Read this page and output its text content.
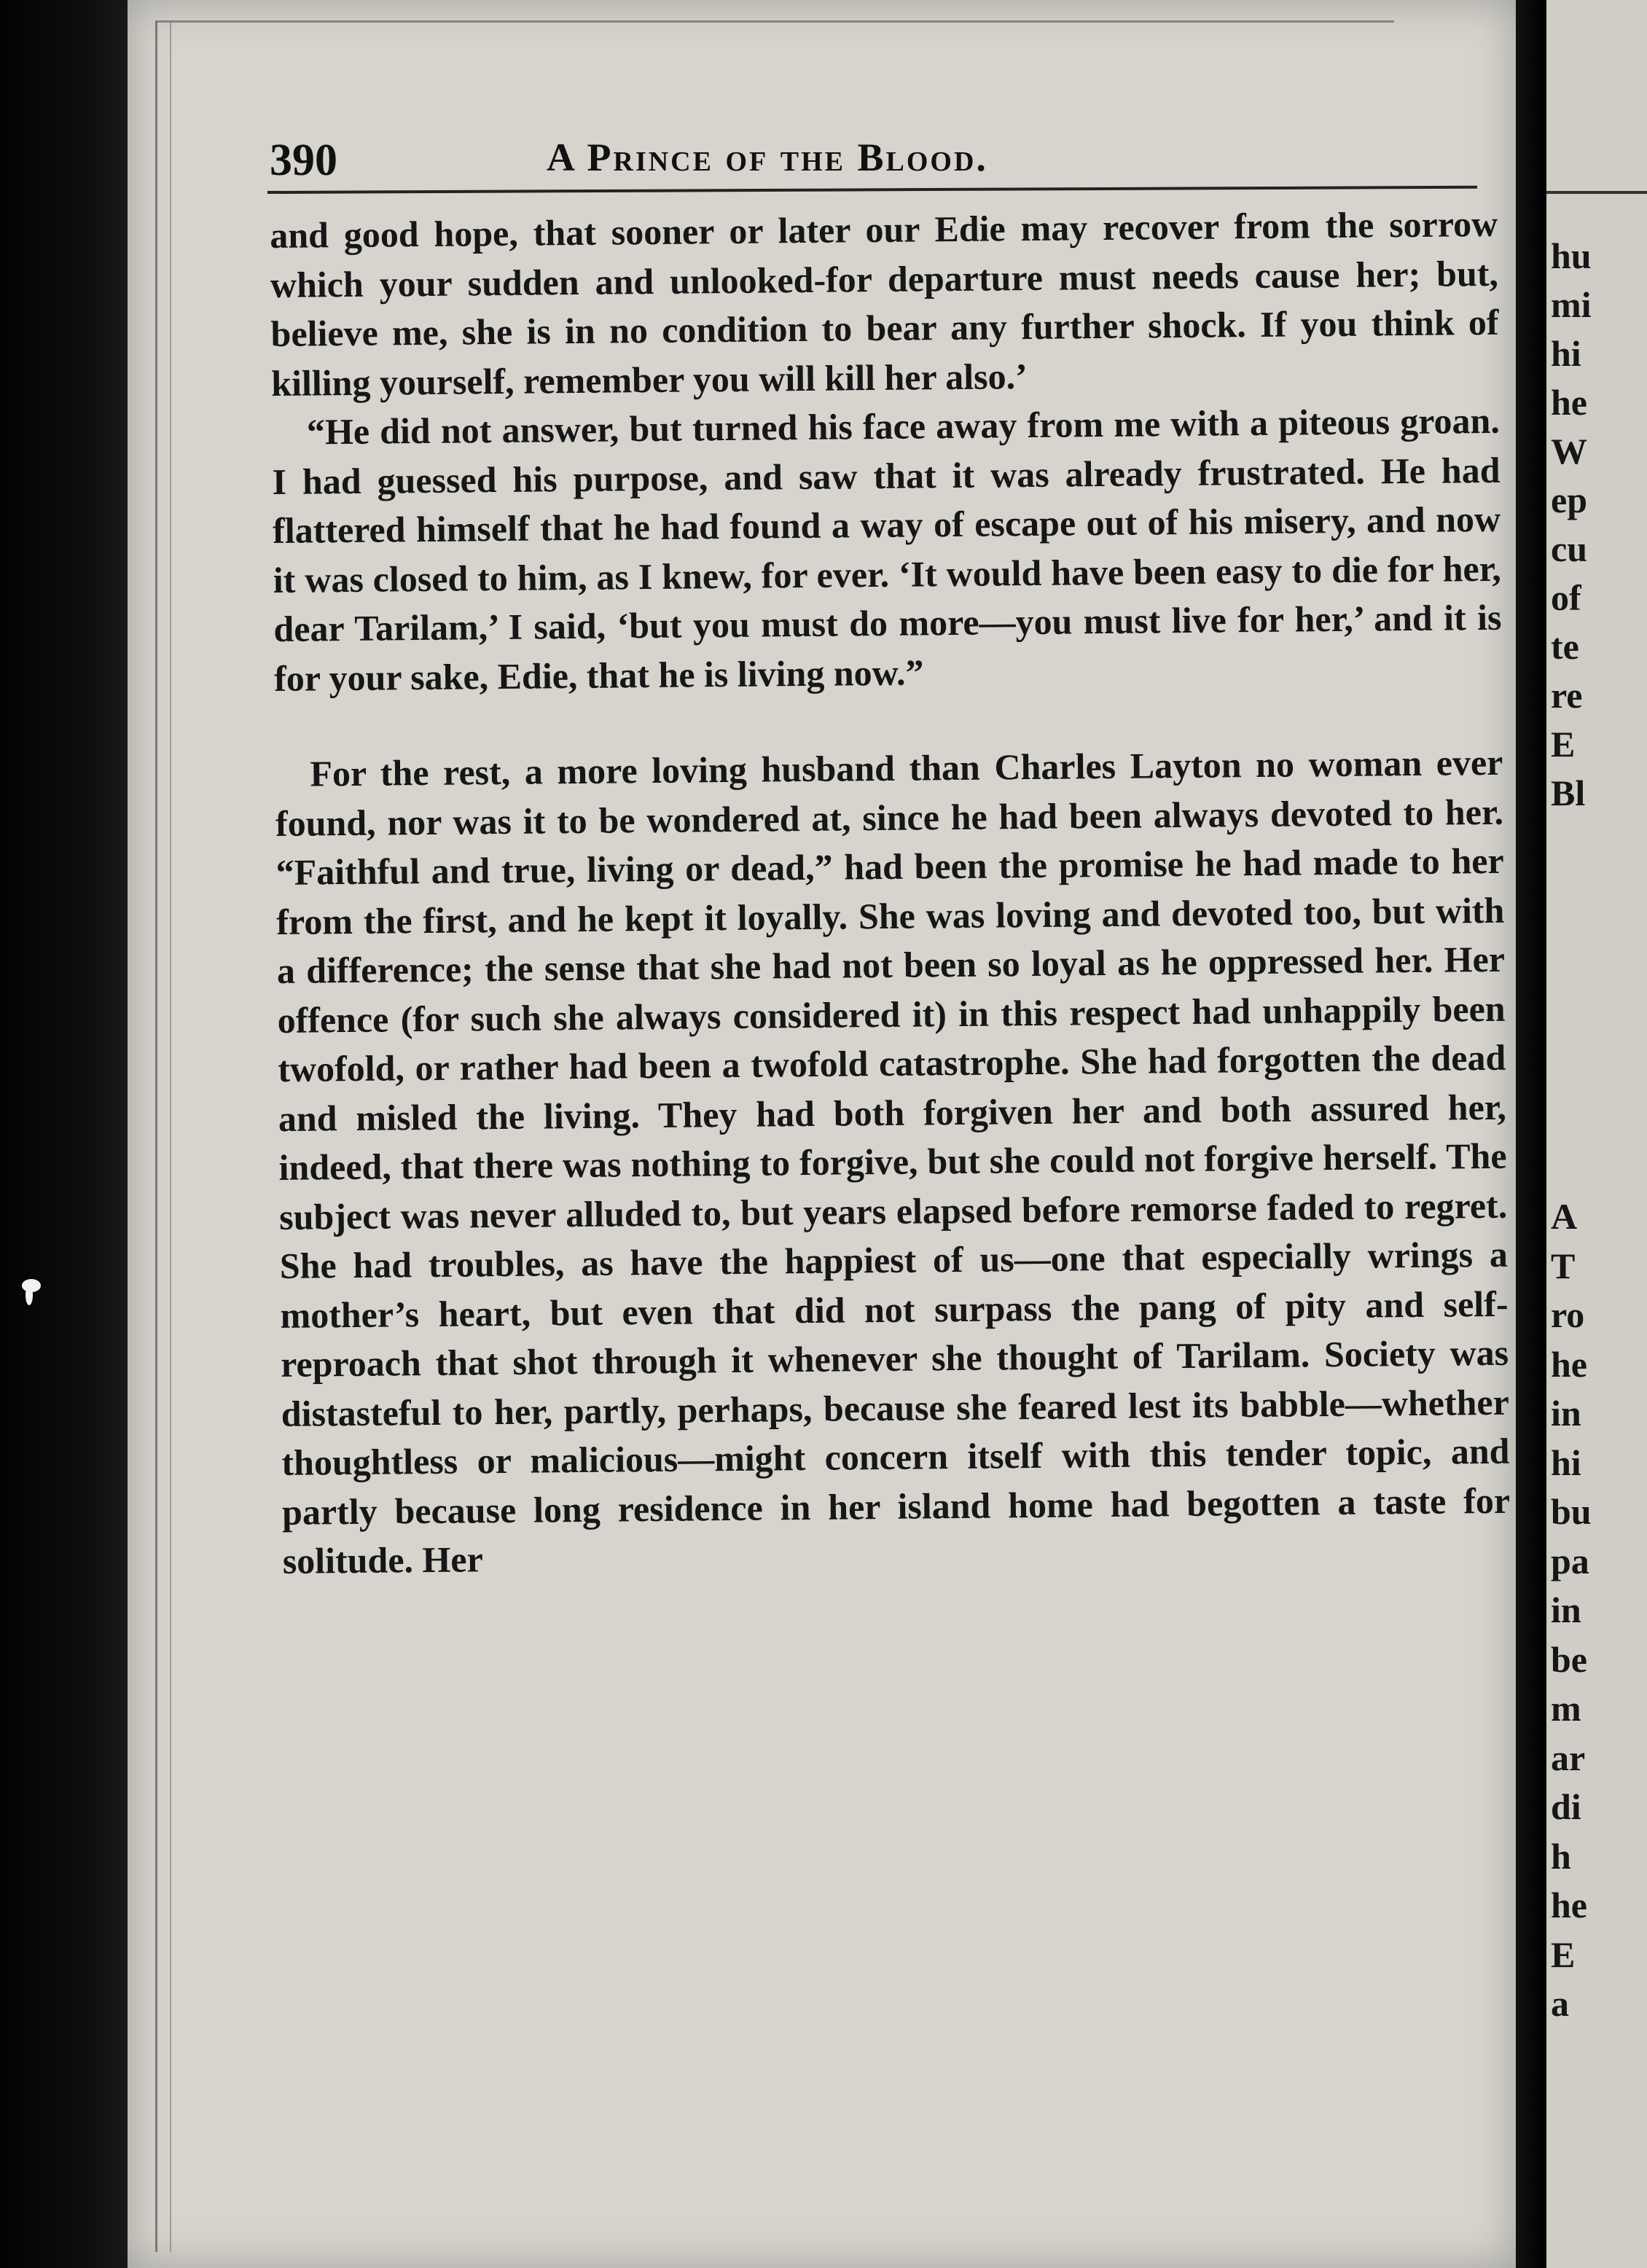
390	A Prince of the Blood.

and good hope, that sooner or later our Edie may recover from the sorrow which your sudden and unlooked-for departure must needs cause her; but, believe me, she is in no condition to bear any further shock. If you think of killing yourself, remember you will kill her also.’

“He did not answer, but turned his face away from me with a piteous groan. I had guessed his purpose, and saw that it was already frustrated. He had flattered himself that he had found a way of escape out of his misery, and now it was closed to him, as I knew, for ever. ‘It would have been easy to die for her, dear Tarilam,’ I said, ‘but you must do more—you must live for her,’ and it is for your sake, Edie, that he is living now.”

For the rest, a more loving husband than Charles Layton no woman ever found, nor was it to be wondered at, since he had been always devoted to her. “Faithful and true, living or dead,” had been the promise he had made to her from the first, and he kept it loyally. She was loving and devoted too, but with a difference; the sense that she had not been so loyal as he oppressed her. Her offence (for such she always considered it) in this respect had unhappily been twofold, or rather had been a twofold catastrophe. She had forgotten the dead and misled the living. They had both forgiven her and both assured her, indeed, that there was nothing to forgive, but she could not forgive herself. The subject was never alluded to, but years elapsed before remorse faded to regret. She had troubles, as have the happiest of us—one that especially wrings a mother’s heart, but even that did not surpass the pang of pity and self-reproach that shot through it whenever she thought of Tarilam. Society was distasteful to her, partly, perhaps, because she feared lest its babble—whether thoughtless or malicious—might concern itself with this tender topic, and partly because long residence in her island home had begotten a taste for solitude. Her

hu
mi
hi
he
W
ep
cu
of
te
re
E
Bl
A
T
ro
he
in
hi
bu
pa
in
be
m
ar
di
h
he
E
a
